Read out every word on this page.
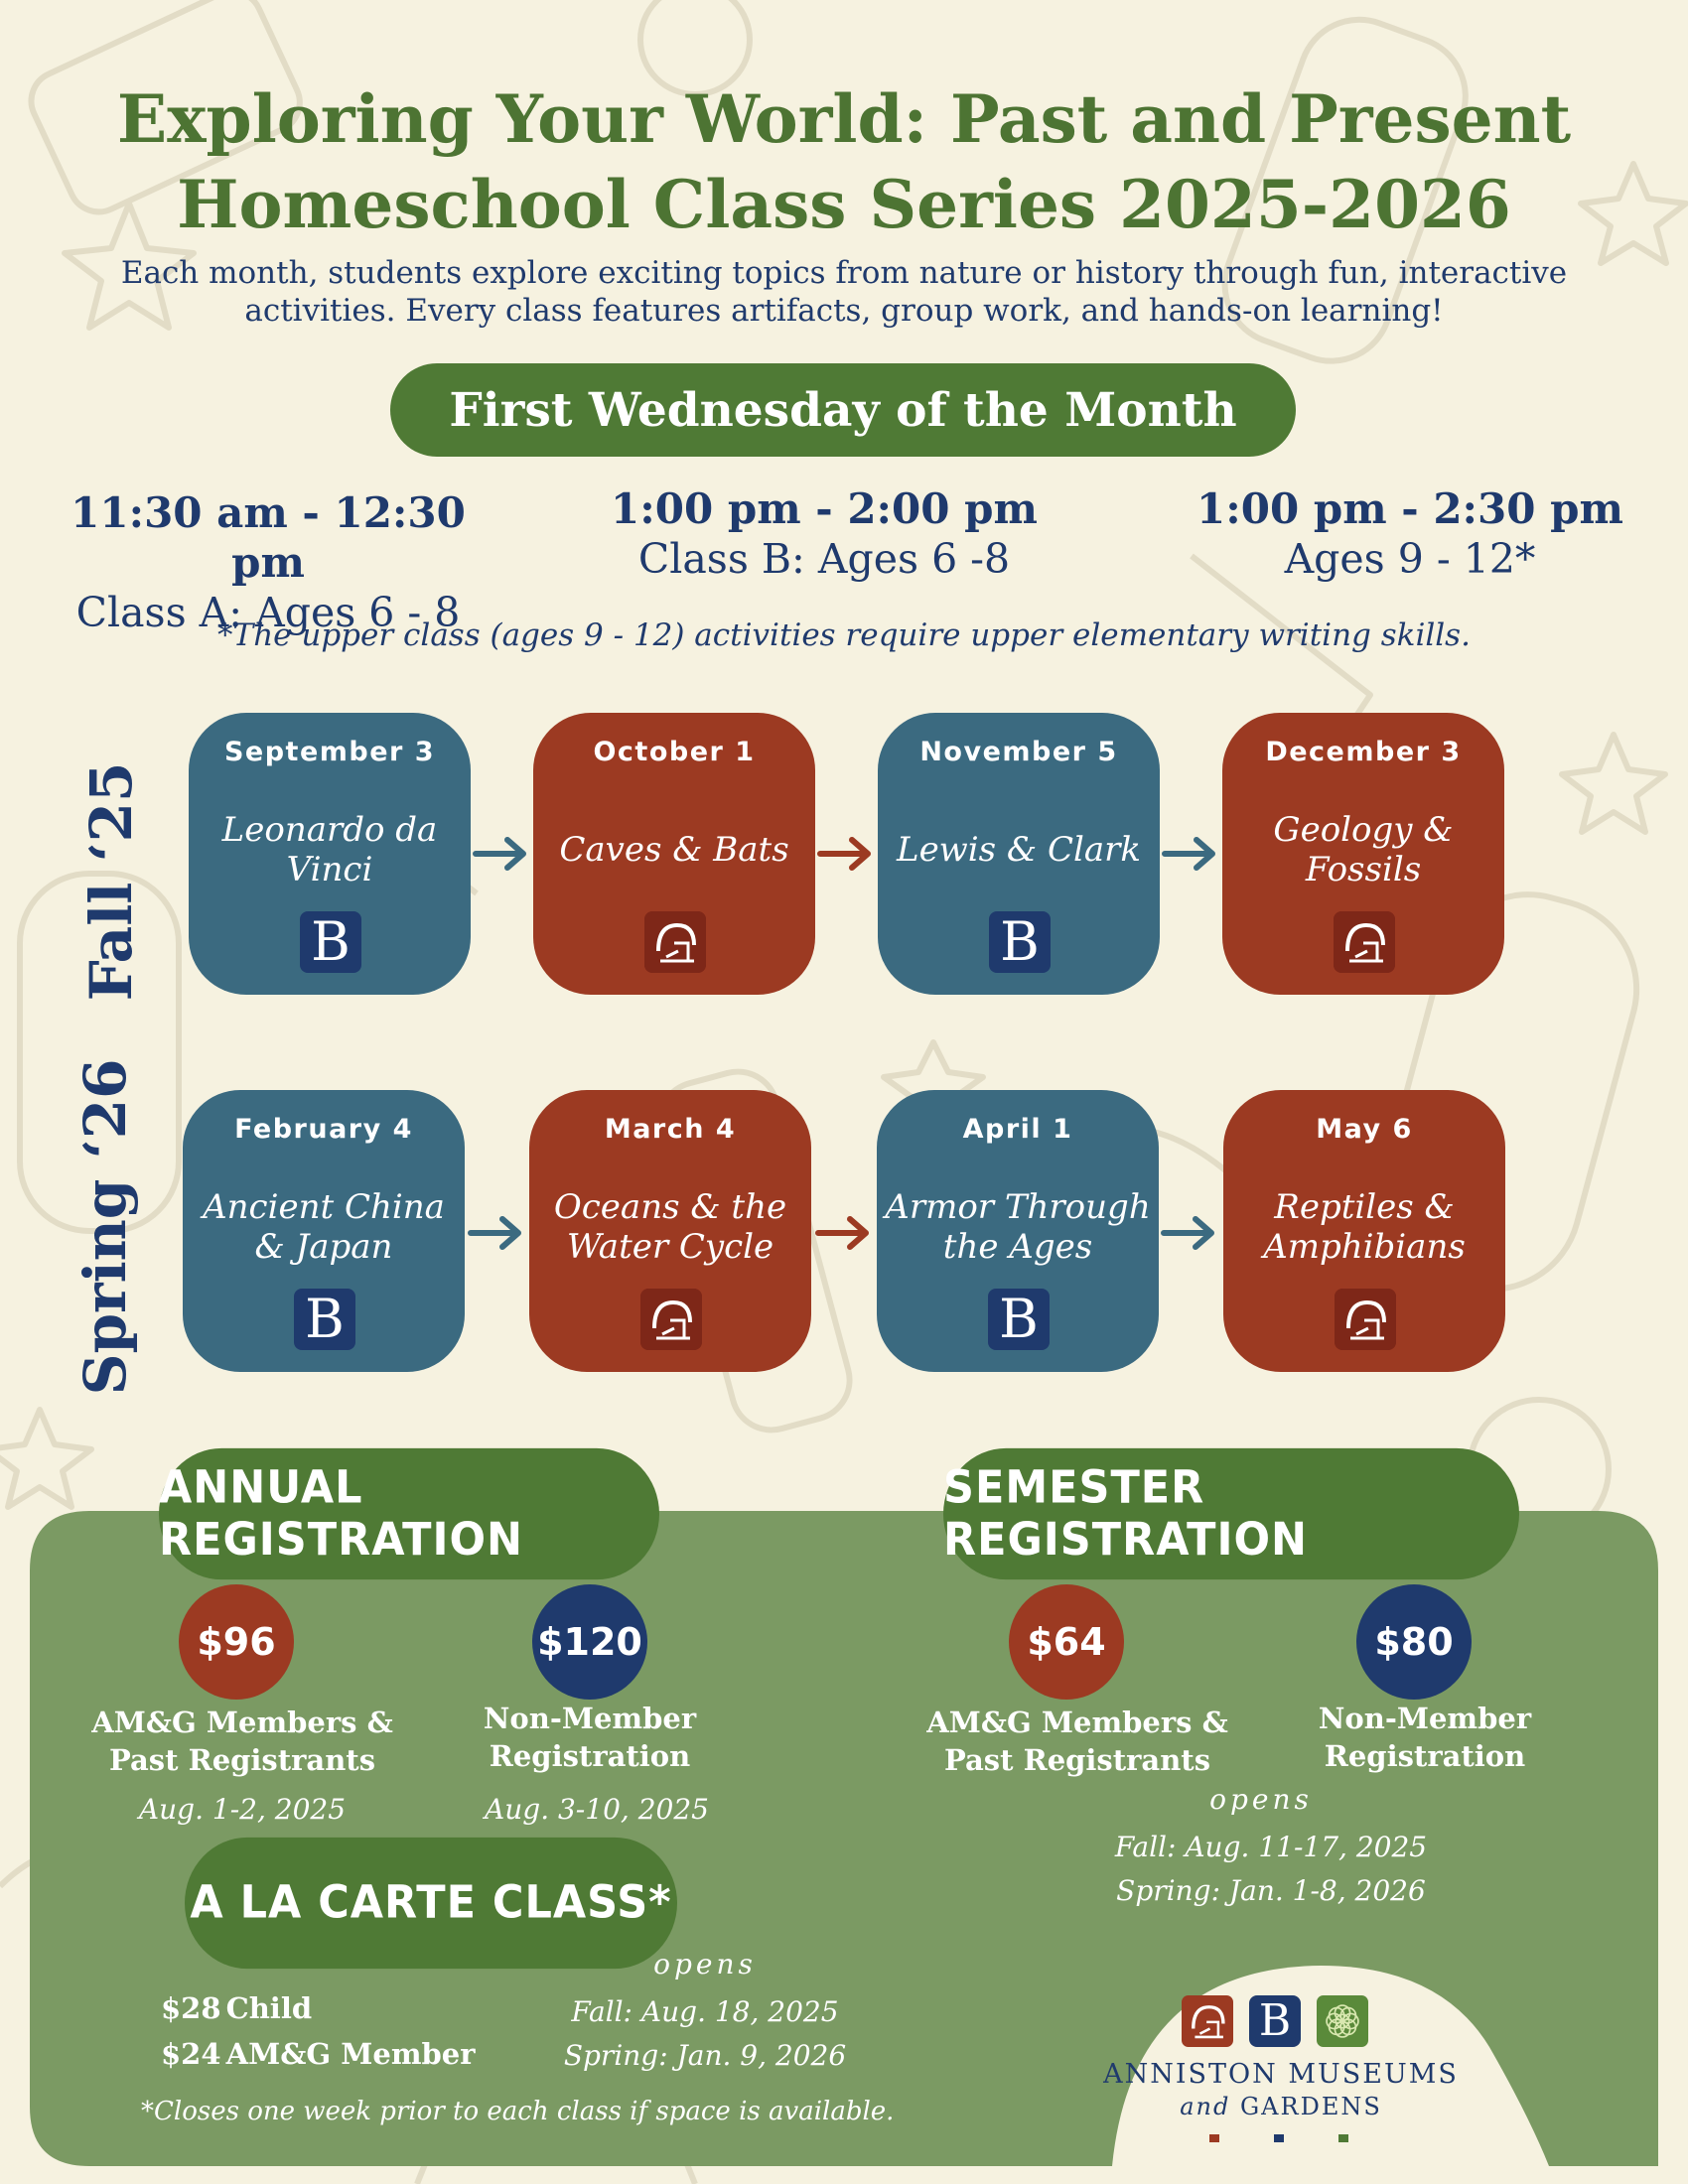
Exploring Your World: Past and Present
Homeschool Class Series 2025-2026
Each month, students explore exciting topics from nature or history through fun, interactive
activities. Every class features artifacts, group work, and hands-on learning!
First Wednesday of the Month
11:30 am - 12:30 pm
Class A: Ages 6 - 8
1:00 pm - 2:00 pm
Class B: Ages 6 -8
1:00 pm - 2:30 pm
Ages 9 - 12*
*The upper class (ages 9 - 12) activities require upper elementary writing skills.
Fall ‘25
Spring ‘26
September 3
Leonardo da Vinci
B
October 1
Caves & Bats
November 5
Lewis & Clark
B
December 3
Geology & Fossils
February 4
Ancient China & Japan
B
March 4
Oceans & the Water Cycle
April 1
Armor Through the Ages
B
May 6
Reptiles & Amphibians
ANNUAL REGISTRATION
$96	$120
AM&G Members &
Past Registrants
Non-Member
Registration
Aug. 1-2, 2025	Aug. 3-10, 2025
SEMESTER REGISTRATION
$64	$80
AM&G Members &
Past Registrants
Non-Member
Registration
opens
Fall: Aug. 11-17, 2025
Spring: Jan. 1-8, 2026
A LA CARTE CLASS*
opens
$28 Child
$24 AM&G Member
Fall: Aug. 18, 2025
Spring: Jan. 9, 2026
*Closes one week prior to each class if space is available.
B
ANNISTON MUSEUMS
and GARDENS
